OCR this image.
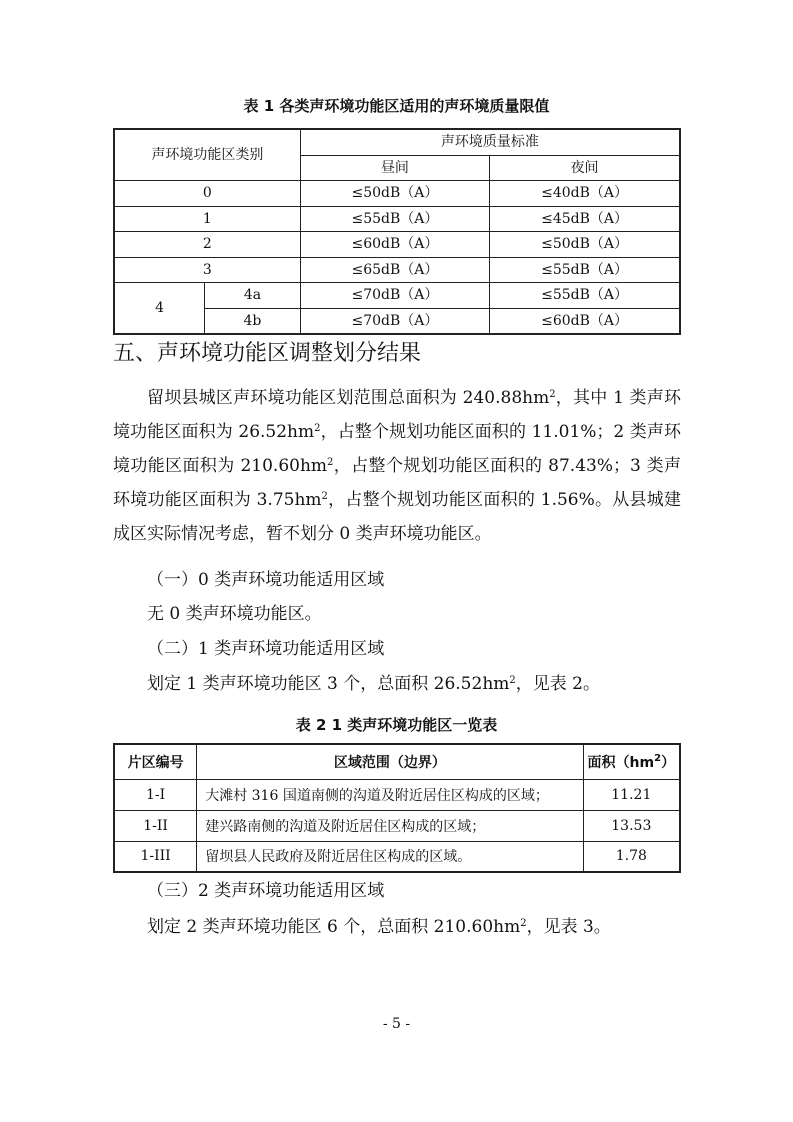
表 1 各类声环境功能区适用的声环境质量限值
声环境功能区类别		声环境质量标准	
		昼间	夜间
0		≤50dB（A）	≤40dB（A）
1		≤55dB（A）	≤45dB（A）
2		≤60dB（A）	≤50dB（A）
3		≤65dB（A）	≤55dB（A）
4	4a	≤70dB（A）	≤55dB（A）
	4b	≤70dB（A）	≤60dB（A）
五、声环境功能区调整划分结果
留坝县城区声环境功能区划范围总面积为 $240.88hm^2$，其中 1 类声环境功能区面积为 $26.52hm^2$，占整个规划功能区面积的 11.01%；2 类声环境功能区面积为 $210.60hm^2$，占整个规划功能区面积的 87.43%；3 类声环境功能区面积为 $3.75hm^2$，占整个规划功能区面积的 1.56%。从县城建成区实际情况考虑，暂不划分 0 类声环境功能区。
（一）0 类声环境功能适用区域
无 0 类声环境功能区。
（二）1 类声环境功能适用区域
划定 1 类声环境功能区 3 个，总面积 $26.52hm^2$，见表 2。
表 2 1 类声环境功能区一览表
片区编号	区域范围（边界）	面积$(hm^2)$
1-I	大滩村 316 国道南侧的沟道及附近居住区构成的区域；	11.21
1-II	建兴路南侧的沟道及附近居住区构成的区域；	13.53
1-III	留坝县人民政府及附近居住区构成的区域。	1.78
（三）2 类声环境功能适用区域
划定 2 类声环境功能区 6 个，总面积 $210.60hm^2$，见表 3。
- 5 -
